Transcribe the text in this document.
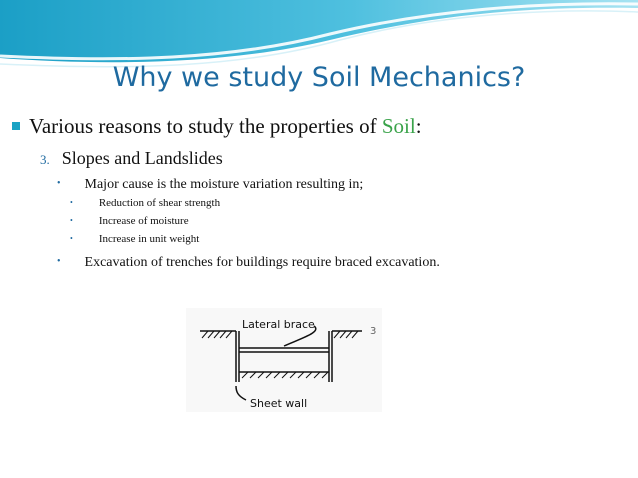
Why we study Soil Mechanics?
Various reasons to study the properties of Soil:
3. Slopes and Landslides
• Major cause is the moisture variation resulting in;
• Reduction of shear strength
• Increase of moisture
• Increase in unit weight
• Excavation of trenches for buildings require braced excavation.
Lateral brace
Sheet wall
3
